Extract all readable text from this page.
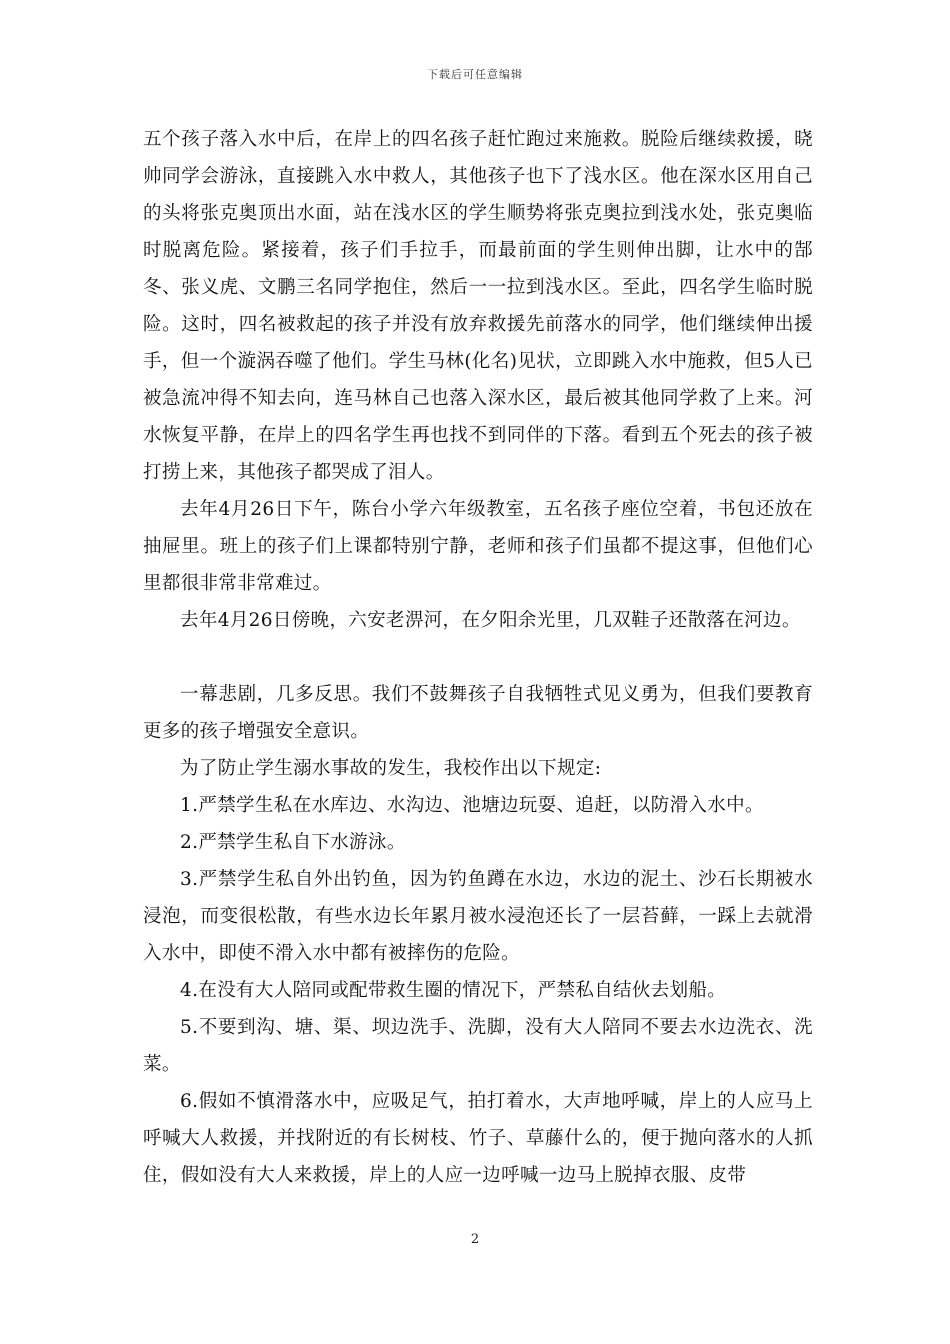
下载后可任意编辑

五个孩子落入水中后，在岸上的四名孩子赶忙跑过来施救。脱险后继续救援，晓帅同学会游泳，直接跳入水中救人，其他孩子也下了浅水区。他在深水区用自己的头将张克奥顶出水面，站在浅水区的学生顺势将张克奥拉到浅水处，张克奥临时脱离危险。紧接着，孩子们手拉手，而最前面的学生则伸出脚，让水中的郜冬、张义虎、文鹏三名同学抱住，然后一一拉到浅水区。至此，四名学生临时脱险。这时，四名被救起的孩子并没有放弃救援先前落水的同学，他们继续伸出援手，但一个漩涡吞噬了他们。学生马林(化名)见状，立即跳入水中施救，但5人已被急流冲得不知去向，连马林自己也落入深水区，最后被其他同学救了上来。河水恢复平静，在岸上的四名学生再也找不到同伴的下落。看到五个死去的孩子被打捞上来，其他孩子都哭成了泪人。

去年4月26日下午，陈台小学六年级教室，五名孩子座位空着，书包还放在抽屉里。班上的孩子们上课都特别宁静，老师和孩子们虽都不提这事，但他们心里都很非常非常难过。

去年4月26日傍晚，六安老淠河，在夕阳余光里，几双鞋子还散落在河边。

一幕悲剧，几多反思。我们不鼓舞孩子自我牺牲式见义勇为，但我们要教育更多的孩子增强安全意识。

为了防止学生溺水事故的发生，我校作出以下规定:

1.严禁学生私在水库边、水沟边、池塘边玩耍、追赶，以防滑入水中。

2.严禁学生私自下水游泳。

3.严禁学生私自外出钓鱼，因为钓鱼蹲在水边，水边的泥土、沙石长期被水浸泡，而变很松散，有些水边长年累月被水浸泡还长了一层苔藓，一踩上去就滑入水中，即使不滑入水中都有被摔伤的危险。

4.在没有大人陪同或配带救生圈的情况下，严禁私自结伙去划船。

5.不要到沟、塘、渠、坝边洗手、洗脚，没有大人陪同不要去水边洗衣、洗菜。

6.假如不慎滑落水中，应吸足气，拍打着水，大声地呼喊，岸上的人应马上呼喊大人救援，并找附近的有长树枝、竹子、草藤什么的，便于抛向落水的人抓住，假如没有大人来救援，岸上的人应一边呼喊一边马上脱掉衣服、皮带

2
